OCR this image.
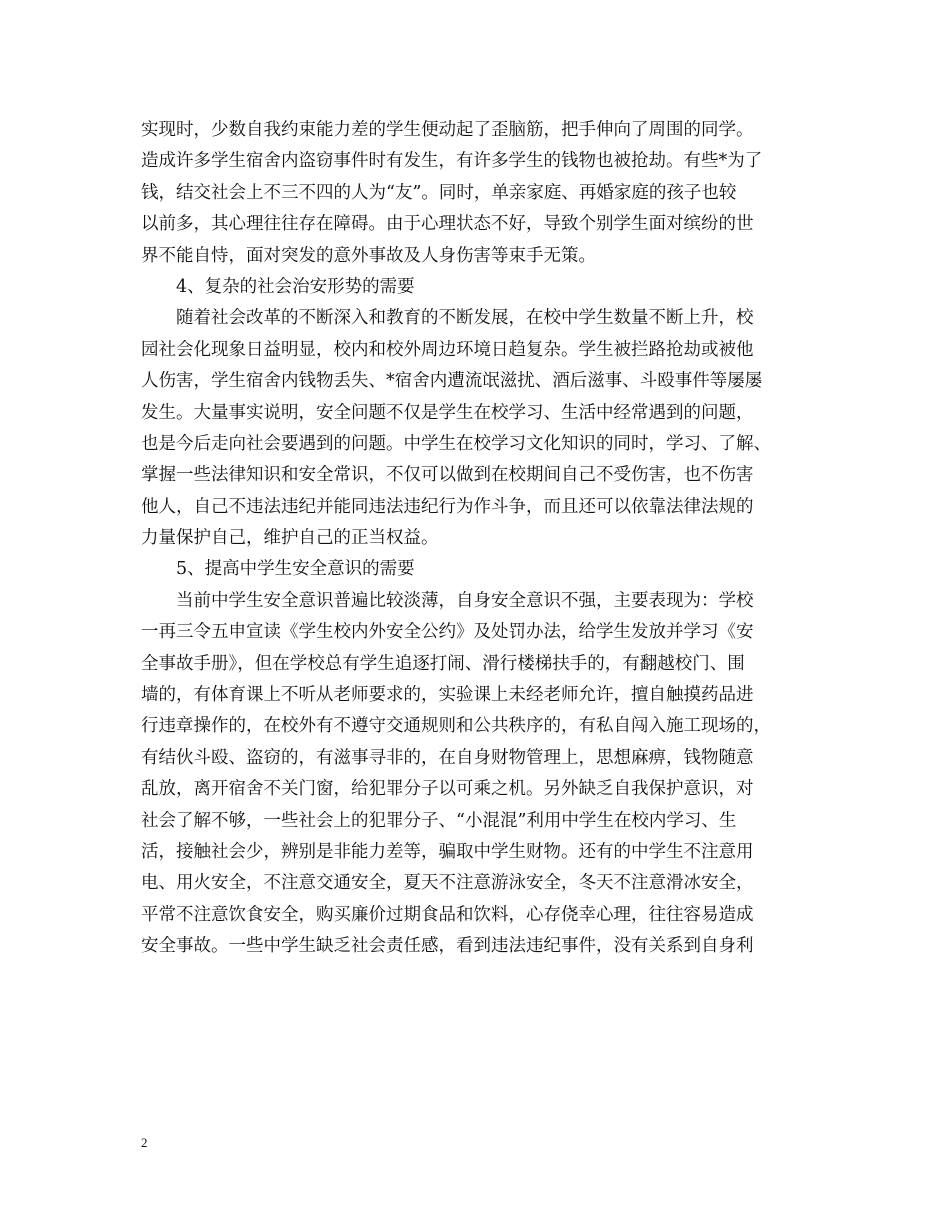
实现时，少数自我约束能力差的学生便动起了歪脑筋，把手伸向了周围的同学。
造成许多学生宿舍内盗窃事件时有发生，有许多学生的钱物也被抢劫。有些*为了
钱，结交社会上不三不四的人为“友”。同时，单亲家庭、再婚家庭的孩子也较
以前多，其心理往往存在障碍。由于心理状态不好，导致个别学生面对缤纷的世
界不能自恃，面对突发的意外事故及人身伤害等束手无策。
4、复杂的社会治安形势的需要
随着社会改革的不断深入和教育的不断发展，在校中学生数量不断上升，校
园社会化现象日益明显，校内和校外周边环境日趋复杂。学生被拦路抢劫或被他
人伤害，学生宿舍内钱物丢失、*宿舍内遭流氓滋扰、酒后滋事、斗殴事件等屡屡
发生。大量事实说明，安全问题不仅是学生在校学习、生活中经常遇到的问题，
也是今后走向社会要遇到的问题。中学生在校学习文化知识的同时，学习、了解、
掌握一些法律知识和安全常识，不仅可以做到在校期间自己不受伤害，也不伤害
他人，自己不违法违纪并能同违法违纪行为作斗争，而且还可以依靠法律法规的
力量保护自己，维护自己的正当权益。
5、提高中学生安全意识的需要
当前中学生安全意识普遍比较淡薄，自身安全意识不强，主要表现为：学校
一再三令五申宣读《学生校内外安全公约》及处罚办法，给学生发放并学习《安
全事故手册》，但在学校总有学生追逐打闹、滑行楼梯扶手的，有翻越校门、围
墙的，有体育课上不听从老师要求的，实验课上未经老师允许，擅自触摸药品进
行违章操作的，在校外有不遵守交通规则和公共秩序的，有私自闯入施工现场的，
有结伙斗殴、盗窃的，有滋事寻非的，在自身财物管理上，思想麻痹，钱物随意
乱放，离开宿舍不关门窗，给犯罪分子以可乘之机。另外缺乏自我保护意识，对
社会了解不够，一些社会上的犯罪分子、“小混混”利用中学生在校内学习、生
活，接触社会少，辨别是非能力差等，骗取中学生财物。还有的中学生不注意用
电、用火安全，不注意交通安全，夏天不注意游泳安全，冬天不注意滑冰安全，
平常不注意饮食安全，购买廉价过期食品和饮料，心存侥幸心理，往往容易造成
安全事故。一些中学生缺乏社会责任感，看到违法违纪事件，没有关系到自身利
2
